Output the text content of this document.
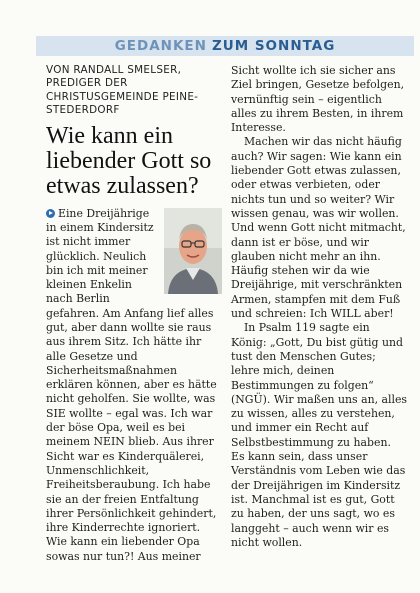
GEDANKEN ZUM SONNTAG
VON RANDALL SMELSER,
PREDIGER DER
CHRISTUSGEMEINDE PEINE-
STEDERDORF
Wie kann ein liebender Gott so etwas zulassen?
Eine Dreijährige in einem Kindersitz ist nicht immer glücklich. Neulich bin ich mit meiner kleinen Enkelin nach Berlin gefahren. Am Anfang lief alles gut, aber dann wollte sie raus aus ihrem Sitz. Ich hätte ihr alle Gesetze und Sicherheitsmaßnahmen erklären können, aber es hätte nicht geholfen. Sie wollte, was SIE wollte – egal was. Ich war der böse Opa, weil es bei meinem NEIN blieb. Aus ihrer Sicht war es Kinderquälerei, Unmenschlichkeit, Freiheitsberaubung. Ich habe sie an der freien Entfaltung ihrer Persönlichkeit gehindert, ihre Kinderrechte ignoriert. Wie kann ein liebender Opa sowas nur tun?! Aus meiner

Sicht wollte ich sie sicher ans Ziel bringen, Gesetze befolgen, vernünftig sein – eigentlich alles zu ihrem Besten, in ihrem Interesse.

Machen wir das nicht häufig auch? Wir sagen: Wie kann ein liebender Gott etwas zulassen, oder etwas verbieten, oder nichts tun und so weiter? Wir wissen genau, was wir wollen. Und wenn Gott nicht mitmacht, dann ist er böse, und wir glauben nicht mehr an ihn. Häufig stehen wir da wie Dreijährige, mit verschränkten Armen, stampfen mit dem Fuß und schreien: Ich WILL aber!

In Psalm 119 sagte ein König: „Gott, Du bist gütig und tust den Menschen Gutes; lehre mich, deinen Bestimmungen zu folgen“ (NGÜ). Wir maßen uns an, alles zu wissen, alles zu verstehen, und immer ein Recht auf Selbstbestimmung zu haben. Es kann sein, dass unser Verständnis vom Leben wie das der Dreijährigen im Kindersitz ist. Manchmal ist es gut, Gott zu haben, der uns sagt, wo es langgeht – auch wenn wir es nicht wollen.
